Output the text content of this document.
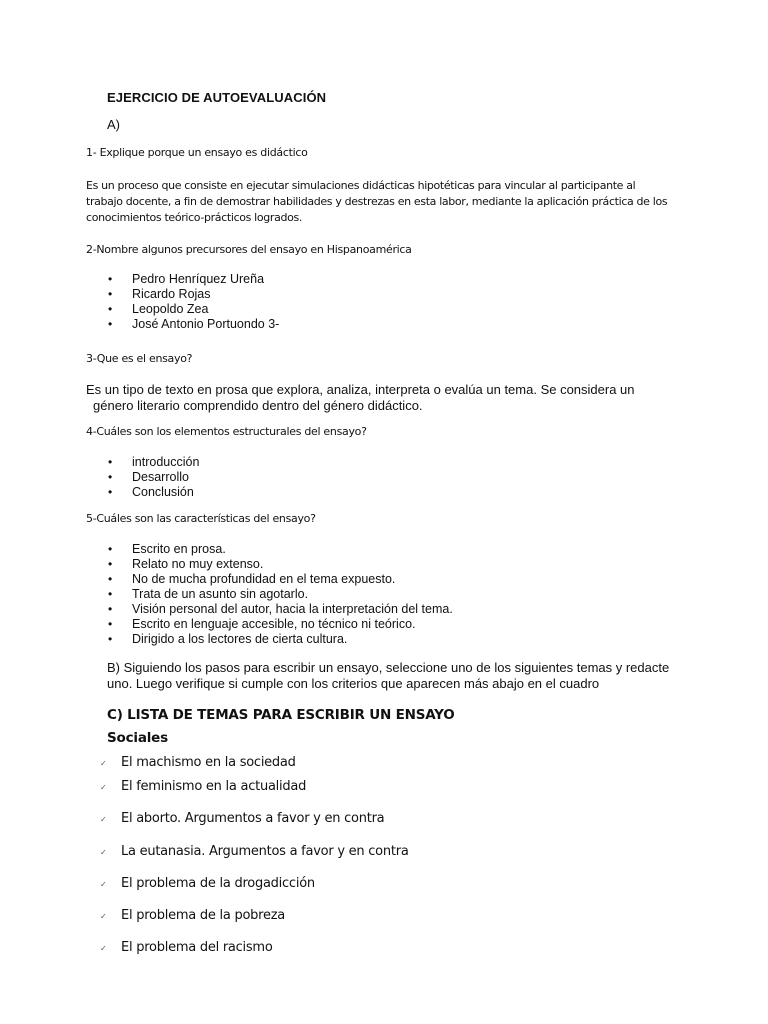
EJERCICIO DE AUTOEVALUACIÓN
A)
1- Explique porque un ensayo es didáctico
Es un proceso que consiste en ejecutar simulaciones didácticas hipotéticas para vincular al participante al
trabajo docente, a fin de demostrar habilidades y destrezas en esta labor, mediante la aplicación práctica de los
conocimientos teórico-prácticos logrados.
2-Nombre algunos precursores del ensayo en Hispanoamérica
• Pedro Henríquez Ureña
• Ricardo Rojas
• Leopoldo Zea
• José Antonio Portuondo 3-
3-Que es el ensayo?
Es un tipo de texto en prosa que explora, analiza, interpreta o evalúa un tema. Se considera un
género literario comprendido dentro del género didáctico.
4-Cuáles son los elementos estructurales del ensayo?
• introducción
• Desarrollo
• Conclusión
5-Cuáles son las características del ensayo?
• Escrito en prosa.
• Relato no muy extenso.
• No de mucha profundidad en el tema expuesto.
• Trata de un asunto sin agotarlo.
• Visión personal del autor, hacia la interpretación del tema.
• Escrito en lenguaje accesible, no técnico ni teórico.
• Dirigido a los lectores de cierta cultura.
B) Siguiendo los pasos para escribir un ensayo, seleccione uno de los siguientes temas y redacte
uno. Luego verifique si cumple con los criterios que aparecen más abajo en el cuadro
C) LISTA DE TEMAS PARA ESCRIBIR UN ENSAYO
Sociales
✓ El machismo en la sociedad
✓ El feminismo en la actualidad
✓ El aborto. Argumentos a favor y en contra
✓ La eutanasia. Argumentos a favor y en contra
✓ El problema de la drogadicción
✓ El problema de la pobreza
✓ El problema del racismo
